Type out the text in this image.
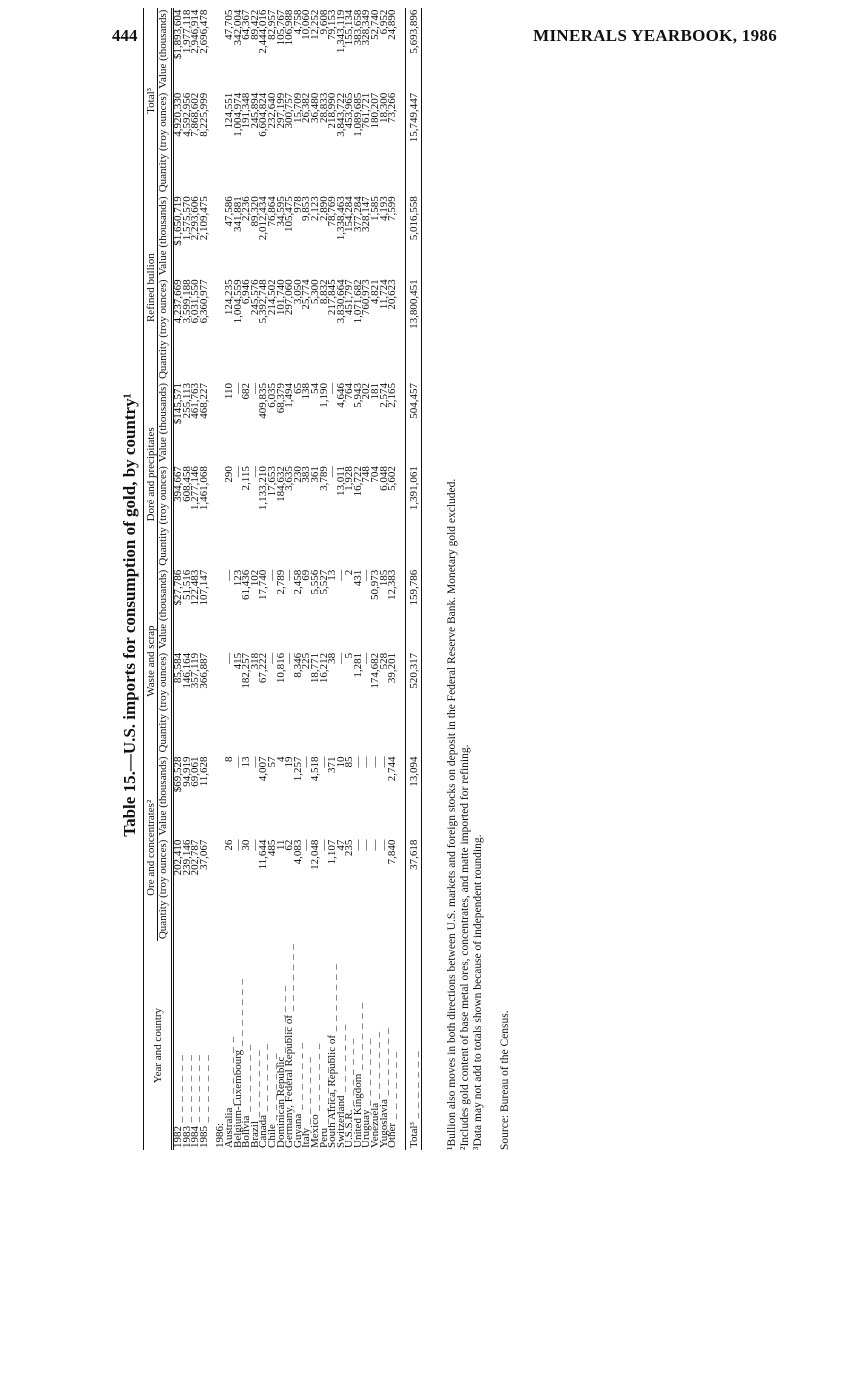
444	MINERALS YEARBOOK, 1986
Table 15.—U.S. imports for consumption of gold, by country¹
Year and country	Ore and concentrates²		Waste and scrap		Doré and precipitates		Refined bullion		Total³	
	Quantity (troy ounces)	Value (thousands)	Quantity (troy ounces)	Value (thousands)	Quantity (troy ounces)	Value (thousands)	Quantity (troy ounces)	Value (thousands)	Quantity (troy ounces)	Value (thousands)
1982 _ _ _ _ _ _ _	202,410	$69,528	85,584	$27,786	394,667	$145,571	4,237,669	$1,650,719	4,920,330	$1,893,604
1983 _ _ _ _ _ _ _	239,146	94,919	146,164	51,516	608,458	255,113	3,599,188	1,575,570	4,592,956	1,977,118
1984 _ _ _ _ _ _ _	202,787	69,061	357,119	122,483	1,277,146	461,763	6,031,550	2,293,606	7,868,602	2,946,914
1985 _ _ _ _ _ _ _	37,067	11,628	366,887	107,147	1,461,068	468,227	6,360,977	2,109,475	8,225,999	2,696,478

1986:										
Australia _ _ _ _ _ _ _	26	8	—	—	290	110	124,235	47,586	124,551	47,705
Belgium-Luxembourg _ _ _ _ _ _ _	—	—	415	123	—	—	1,004,559	341,881	1,004,974	342,004
Bolivia _ _ _ _ _ _ _	30	13	182,257	61,436	2,115	682	6,946	2,236	191,348	64,367
Brazil _ _ _ _ _ _ _	—	—	318	102	—	—	245,576	89,320	245,894	89,422
Canada _ _ _ _ _ _ _	11,644	4,007	67,222	17,740	1,133,210	409,835	5,392,748	2,012,434	6,604,824	2,444,016
Chile _ _ _ _ _ _ _	485	57	—	—	17,653	6,035	214,502	76,864	232,640	82,957
Dominican Republic _ _ _ _ _ _ _	11	4	10,816	2,789	184,632	68,379	101,740	34,595	297,199	105,767
Germany, Federal Republic of _ _ _ _ _ _ _	62	19	—	—	3,635	1,494	297,060	105,475	300,757	106,988
Guyana _ _ _ _ _ _ _	4,083	1,257	8,346	2,458	230	65	3,050	978	15,709	4,758
Italy _ _ _ _ _ _ _	—	—	225	69	383	138	25,774	9,853	26,382	10,060
Mexico _ _ _ _ _ _ _	12,048	4,518	18,771	5,556	361	54	5,300	2,123	36,480	12,252
Peru _ _ _ _ _ _ _	—	—	16,212	5,527	3,789	1,190	8,832	2,890	28,833	9,608
South Africa, Republic of _ _ _ _ _ _ _	1,107	371	38	13	—	—	217,845	78,769	218,990	79,153
Switzerland _ _ _ _ _ _ _	47	10	—	—	13,011	4,646	3,830,664	1,338,463	3,843,722	1,343,119
U.S.S.R. _ _ _ _ _ _ _	235	85	5	2	1,928	764	451,797	154,284	453,965	155,134
United Kingdom _ _ _ _ _ _ _	—	—	1,281	431	16,722	5,943	1,071,682	377,284	1,089,685	383,658
Uruguay _ _ _ _ _ _ _	—	—	—	—	748	202	760,973	328,147	761,721	328,349
Venezuela _ _ _ _ _ _ _	—	—	174,682	50,973	704	181	4,821	1,585	180,207	52,740
Yugoslavia _ _ _ _ _ _ _	—	—	528	185	6,048	2,574	11,724	4,193	18,300	6,952
Other _ _ _ _ _ _ _	7,840	2,744	39,201	12,383	5,602	2,165	20,623	7,599	73,266	24,890

Total³ _ _ _ _ _ _ _	37,618	13,094	520,317	159,786	1,391,061	504,457	13,800,451	5,016,558	15,749,447	5,693,896
¹Bullion also moves in both directions between U.S. markets and foreign stocks on deposit in the Federal Reserve Bank. Monetary gold excluded. ²Includes gold content of base metal ores, concentrates, and matte imported for refining. ³Data may not add to totals shown because of independent rounding. Source: Bureau of the Census.
